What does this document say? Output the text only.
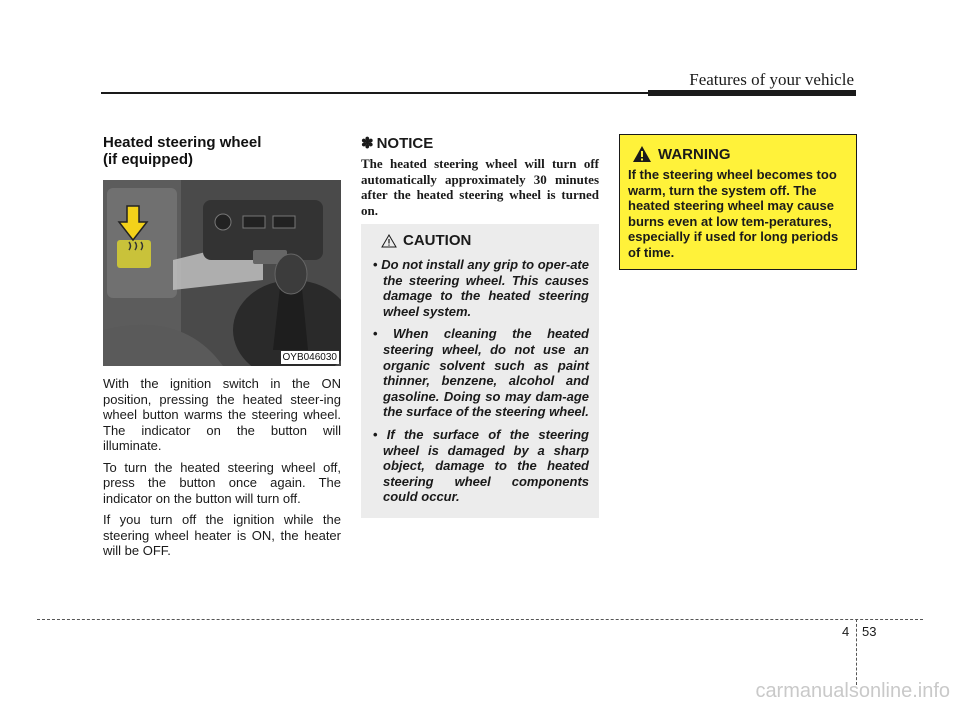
Features of your vehicle
Heated steering wheel
(if equipped)
OYB046030

With the ignition switch in the ON position, pressing the heated steer-ing wheel button warms the steering wheel. The indicator on the button will illuminate.

To turn the heated steering wheel off, press the button once again. The indicator on the button will turn off.

If you turn off the ignition while the steering wheel heater is ON, the heater will be OFF.

✽ NOTICE

The heated steering wheel will turn off automatically approximately 30 minutes after the heated steering wheel is turned on.

CAUTION
• Do not install any grip to oper-ate the steering wheel. This causes damage to the heated steering wheel system.
• When cleaning the heated steering wheel, do not use an organic solvent such as paint thinner, benzene, alcohol and gasoline. Doing so may dam-age the surface of the steering wheel.
• If the surface of the steering wheel is damaged by a sharp object, damage to the heated steering wheel components could occur.
WARNING

If the steering wheel becomes too warm, turn the system off. The heated steering wheel may cause burns even at low tem-peratures, especially if used for long periods of time.

4 53
carmanualsonline.info
